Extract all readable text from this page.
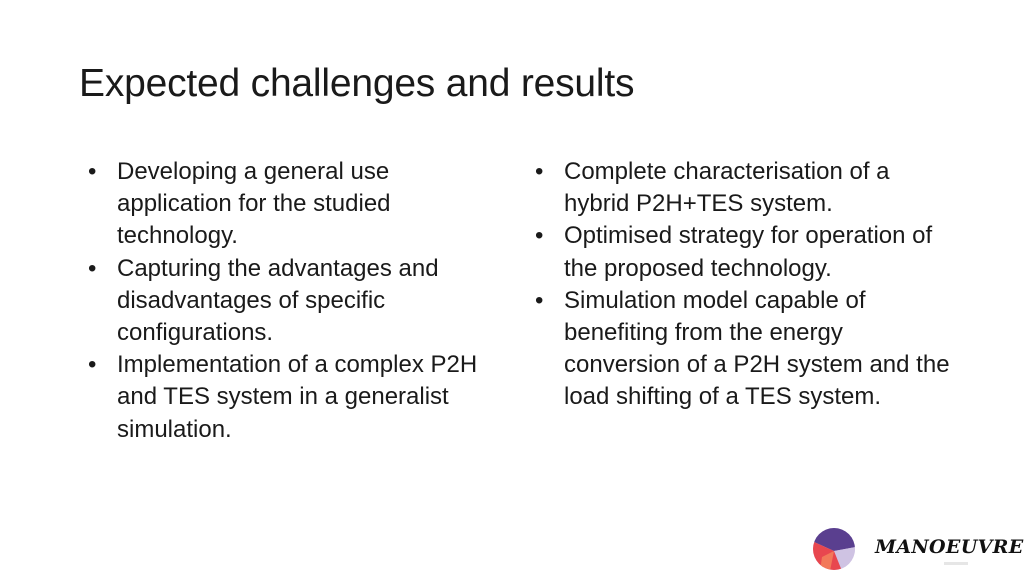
Expected challenges and results
• Developing a general use application for the studied technology.
• Capturing the advantages and disadvantages of specific configurations.
• Implementation of a complex P2H and TES system in a generalist simulation.
• Complete characterisation of a hybrid P2H+TES system.
• Optimised strategy for operation of the proposed technology.
• Simulation model capable of benefiting from the energy conversion of a P2H system and the load shifting of a TES system.
MANOEUVRE
